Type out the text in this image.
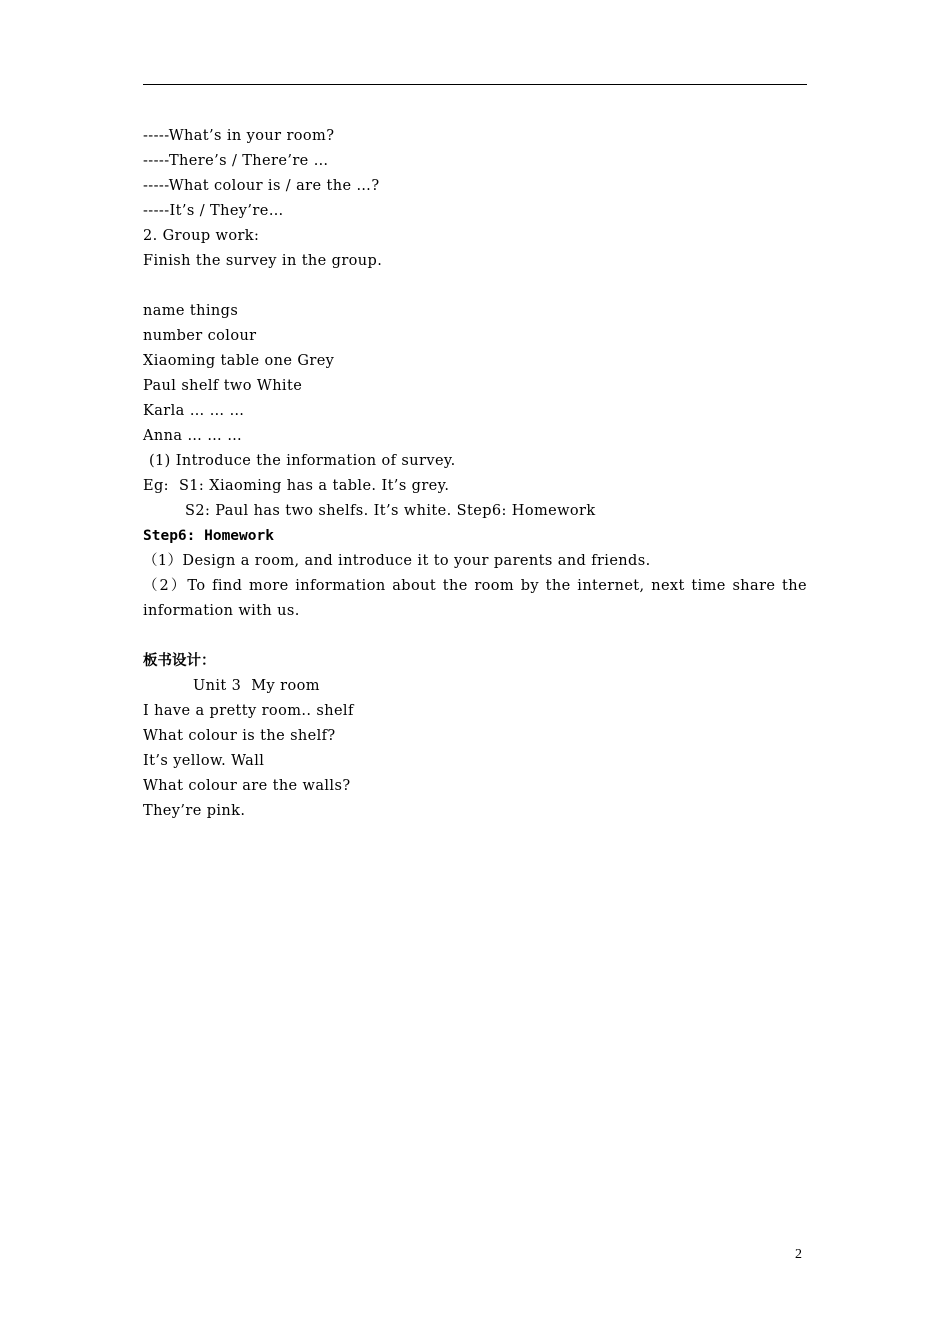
-----What’s in your room?
-----There’s / There’re …
-----What colour is / are the …?
-----It’s / They’re…
2. Group work:
Finish the survey in the group.
name things
number colour
Xiaoming table one Grey
Paul shelf two White
Karla … … …
Anna … … …
(1) Introduce the information of survey.
Eg:  S1: Xiaoming has a table. It’s grey.
S2: Paul has two shelfs. It’s white. Step6: Homework
Step6: Homework
（1）Design a room, and introduce it to your parents and friends.
（2）To find more information about the room by the internet, next time share the information with us.
板书设计：
Unit 3  My room
I have a pretty room.. shelf
What colour is the shelf?
It’s yellow. Wall
What colour are the walls?
They’re pink.
2
